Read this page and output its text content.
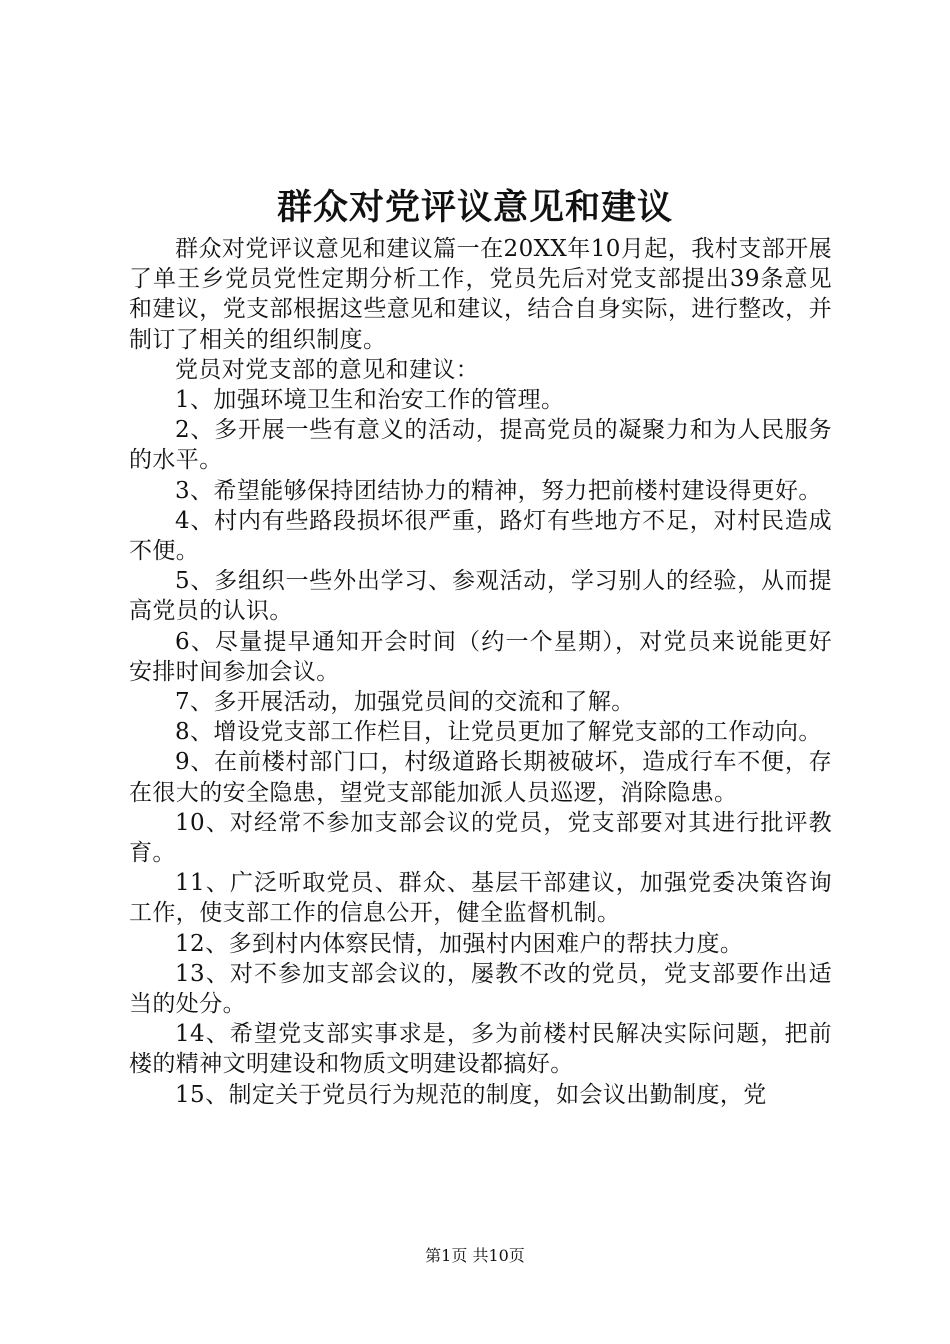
群众对党评议意见和建议

群众对党评议意见和建议篇一在20XX年10月起，我村支部开展了单王乡党员党性定期分析工作，党员先后对党支部提出39条意见和建议，党支部根据这些意见和建议，结合自身实际，进行整改，并制订了相关的组织制度。

党员对党支部的意见和建议：

1、加强环境卫生和治安工作的管理。

2、多开展一些有意义的活动，提高党员的凝聚力和为人民服务的水平。

3、希望能够保持团结协力的精神，努力把前楼村建设得更好。

4、村内有些路段损坏很严重，路灯有些地方不足，对村民造成不便。

5、多组织一些外出学习、参观活动，学习别人的经验，从而提高党员的认识。

6、尽量提早通知开会时间（约一个星期），对党员来说能更好安排时间参加会议。

7、多开展活动，加强党员间的交流和了解。

8、增设党支部工作栏目，让党员更加了解党支部的工作动向。

9、在前楼村部门口，村级道路长期被破坏，造成行车不便，存在很大的安全隐患，望党支部能加派人员巡逻，消除隐患。

10、对经常不参加支部会议的党员，党支部要对其进行批评教育。

11、广泛听取党员、群众、基层干部建议，加强党委决策咨询工作，使支部工作的信息公开，健全监督机制。

12、多到村内体察民情，加强村内困难户的帮扶力度。

13、对不参加支部会议的，屡教不改的党员，党支部要作出适当的处分。

14、希望党支部实事求是，多为前楼村民解决实际问题，把前楼的精神文明建设和物质文明建设都搞好。

15、制定关于党员行为规范的制度，如会议出勤制度，党

第1页 共10页
